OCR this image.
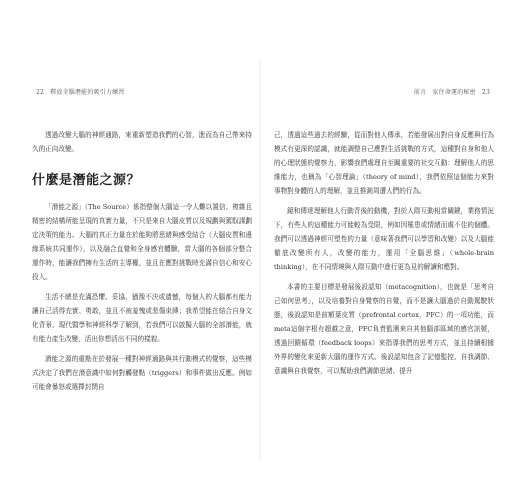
22 釋放全腦潛能的吸引力練習

透過改變大腦的神經通路，來重新塑造我們的心智，進而為自己帶來持久的正向改變。

什麼是潛能之源？

「潛能之源」（The Source）係指整個大腦這一令人難以置信、複雜且精密的結構所能呈現的真實力量，不只是來自大腦皮質以及規劃與駕馭謀劃定決策的能力。大腦的真正力量在於能夠將思緒與感受結合（大腦皮質和邊緣系統共同運作），以及融合直覺和全身感官體驗，當大腦的各個部分整合運作時，能讓我們擁有生活的主導權，並且在應對挑戰時充滿自信心和安心投入。

生活不總是充滿恐懼、妥協、猶豫不決或遺憾，每個人的大腦都有能力讓自己活得充實、勇敢，並且不被羞愧或悲傷束縛；我希望能在結合自身文化背景、現代醫學和神經科學了解到，若我們可以啟擬大腦的全部潛能，就有能力產生改變，活出你想活出不同的樣貌。

潛能之源的重點在於發展一種對神經通路與其行動模式的覺察，這些模式決定了我們在潛意識中如何對觸發點（triggers）和事件做出反應。例如可能會暴怒或選擇封閉自

前言　家住命運的秘密 23

己，透過這些過去的經驗，從而對他人傳承，若能發展出對自身反應與行為模式有更深的認識，就能調整自己應對生活挑戰的方式，這種對自身和他人的心理狀態的覺察力，影響我們處理自至關重要的社交互動：理解他人的思維能力，也稱為「心智理論」（theory of mind），我們依照這個能力來對事物對身體的人的理解，並且推測周遭人們的行為。

鏡和傳達理解他人行動背後的動機，對於人際互動相當關鍵，業務情況下，有些人的這種能力可能較為受限，例如因罹患或情緒而處不佳的個體。我們可以透過神經可塑性的力量（意味著我們可以學習和改變）以及大腦能徹底改變所有人，改變的能力，運用「全腦思維」（whole-brain thinking），在不同情境與人際互動中進行更為見的解讀和應對。

本書的主要目標是發展後設認知（metacognition），也就是「思考自己如何思考」，以及培養對自身覺察的自覺，而不是讓大腦過於自動駕駛狀態，後設認知是前額葉皮質（prefrontal cortex，PFC）的一項功能，而meta這個字根有超越之意，PFC負責監測來自其他腦部區域的感官訊號，透過回饋循環（feedback loops）來指導我們的思考方式，並且持續根據外界的變化來更新大腦的運作方式。後設認知包含了記憶監控、自我調節、意識與自我覺察，可以幫助我們調節思緒、提升
